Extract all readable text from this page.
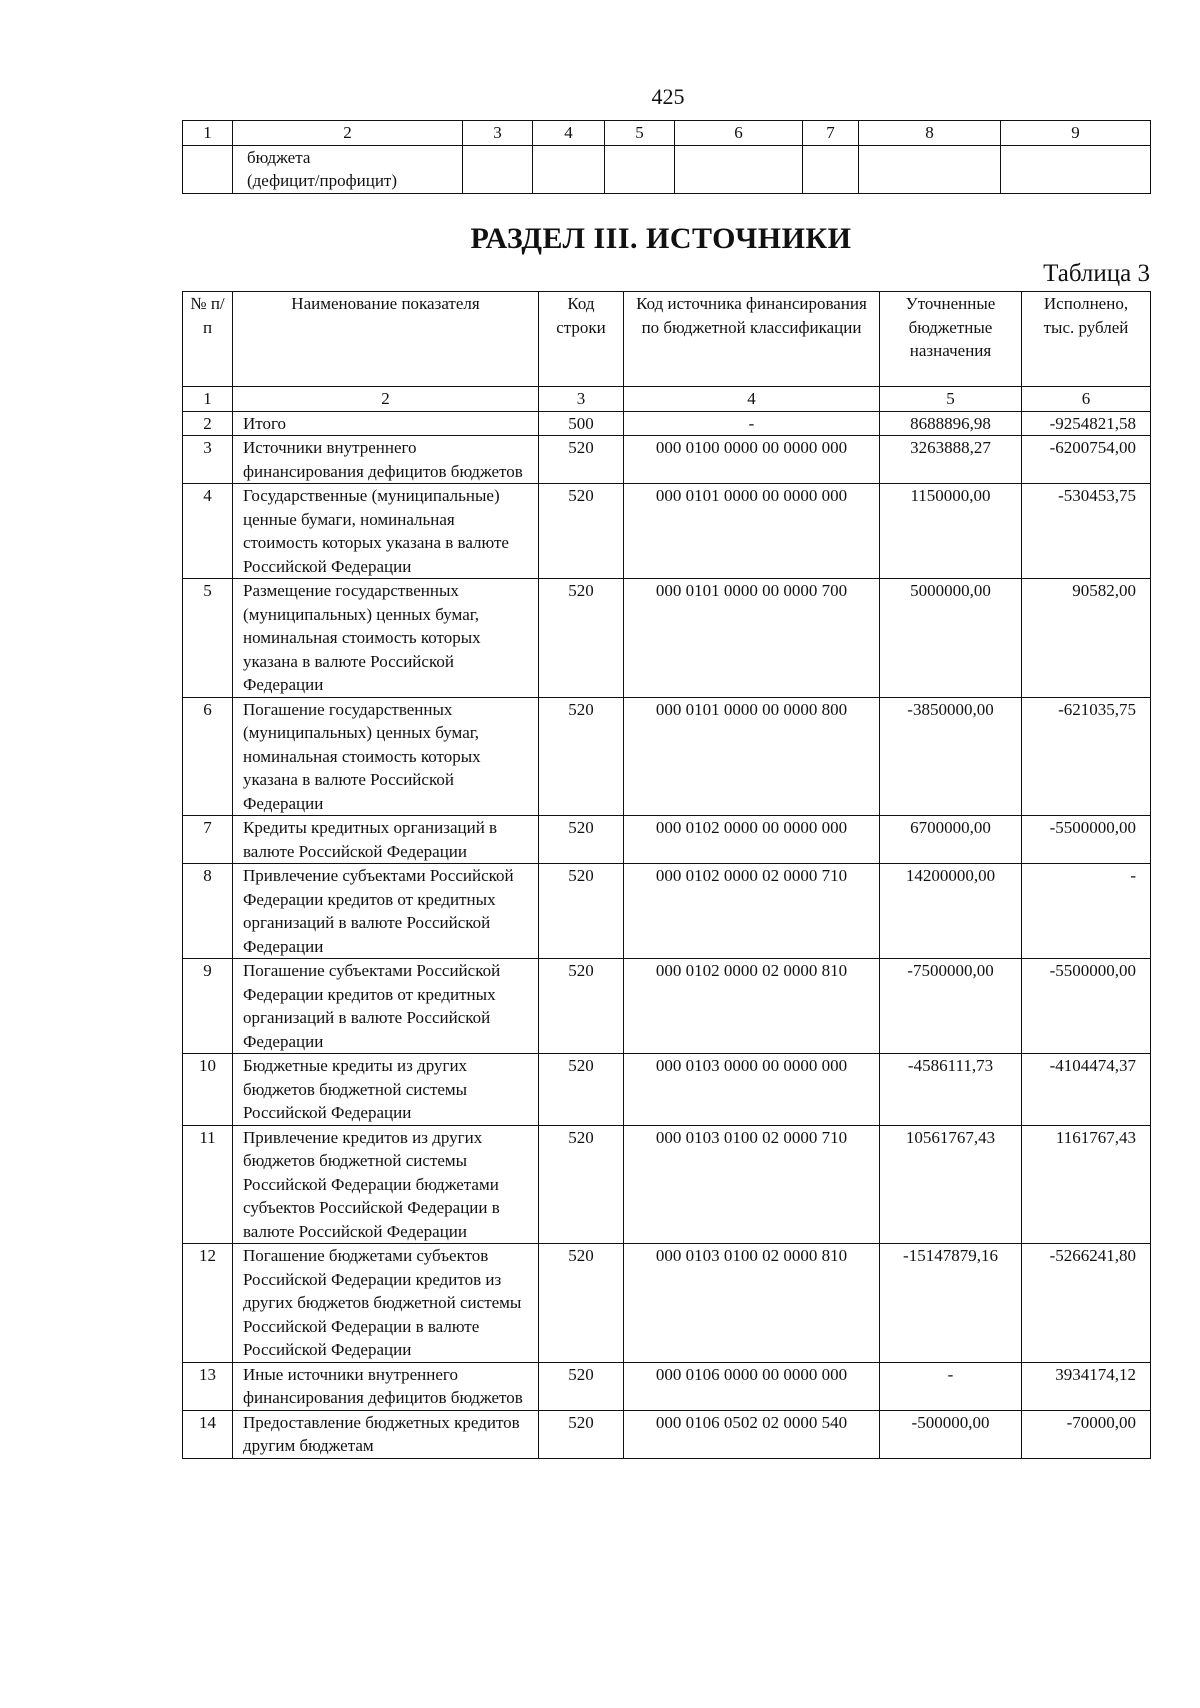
425
1	2	3	4	5	6	7	8	9

	бюджета
(дефицит/профицит)							

РАЗДЕЛ III. ИСТОЧНИКИ
Таблица 3
№ п/п	Наименование показателя	Код строки	Код источника финансирования по бюджетной классификации	Уточненные бюджетные назначения	Исполнено, тыс. рублей
1	2	3	4	5	6
2	Итого	500	-	8688896,98	-9254821,58
3	Источники внутреннего финансирования дефицитов бюджетов	520	000 0100 0000 00 0000 000	3263888,27	-6200754,00
4	Государственные (муниципальные) ценные бумаги, номинальная стоимость которых указана в валюте Российской Федерации	520	000 0101 0000 00 0000 000	1150000,00	-530453,75
5	Размещение государственных (муниципальных) ценных бумаг, номинальная стоимость которых указана в валюте Российской Федерации	520	000 0101 0000 00 0000 700	5000000,00	90582,00
6	Погашение государственных (муниципальных) ценных бумаг, номинальная стоимость которых указана в валюте Российской Федерации	520	000 0101 0000 00 0000 800	-3850000,00	-621035,75
7	Кредиты кредитных организаций в валюте Российской Федерации	520	000 0102 0000 00 0000 000	6700000,00	-5500000,00
8	Привлечение субъектами Российской Федерации кредитов от кредитных организаций в валюте Российской Федерации	520	000 0102 0000 02 0000 710	14200000,00	-
9	Погашение субъектами Российской Федерации кредитов от кредитных организаций в валюте Российской Федерации	520	000 0102 0000 02 0000 810	-7500000,00	-5500000,00
10	Бюджетные кредиты из других бюджетов бюджетной системы Российской Федерации	520	000 0103 0000 00 0000 000	-4586111,73	-4104474,37
11	Привлечение кредитов из других бюджетов бюджетной системы Российской Федерации бюджетами субъектов Российской Федерации в валюте Российской Федерации	520	000 0103 0100 02 0000 710	10561767,43	1161767,43
12	Погашение бюджетами субъектов Российской Федерации кредитов из других бюджетов бюджетной системы Российской Федерации в валюте Российской Федерации	520	000 0103 0100 02 0000 810	-15147879,16	-5266241,80
13	Иные источники внутреннего финансирования дефицитов бюджетов	520	000 0106 0000 00 0000 000	-	3934174,12
14	Предоставление бюджетных кредитов другим бюджетам	520	000 0106 0502 02 0000 540	-500000,00	-70000,00
